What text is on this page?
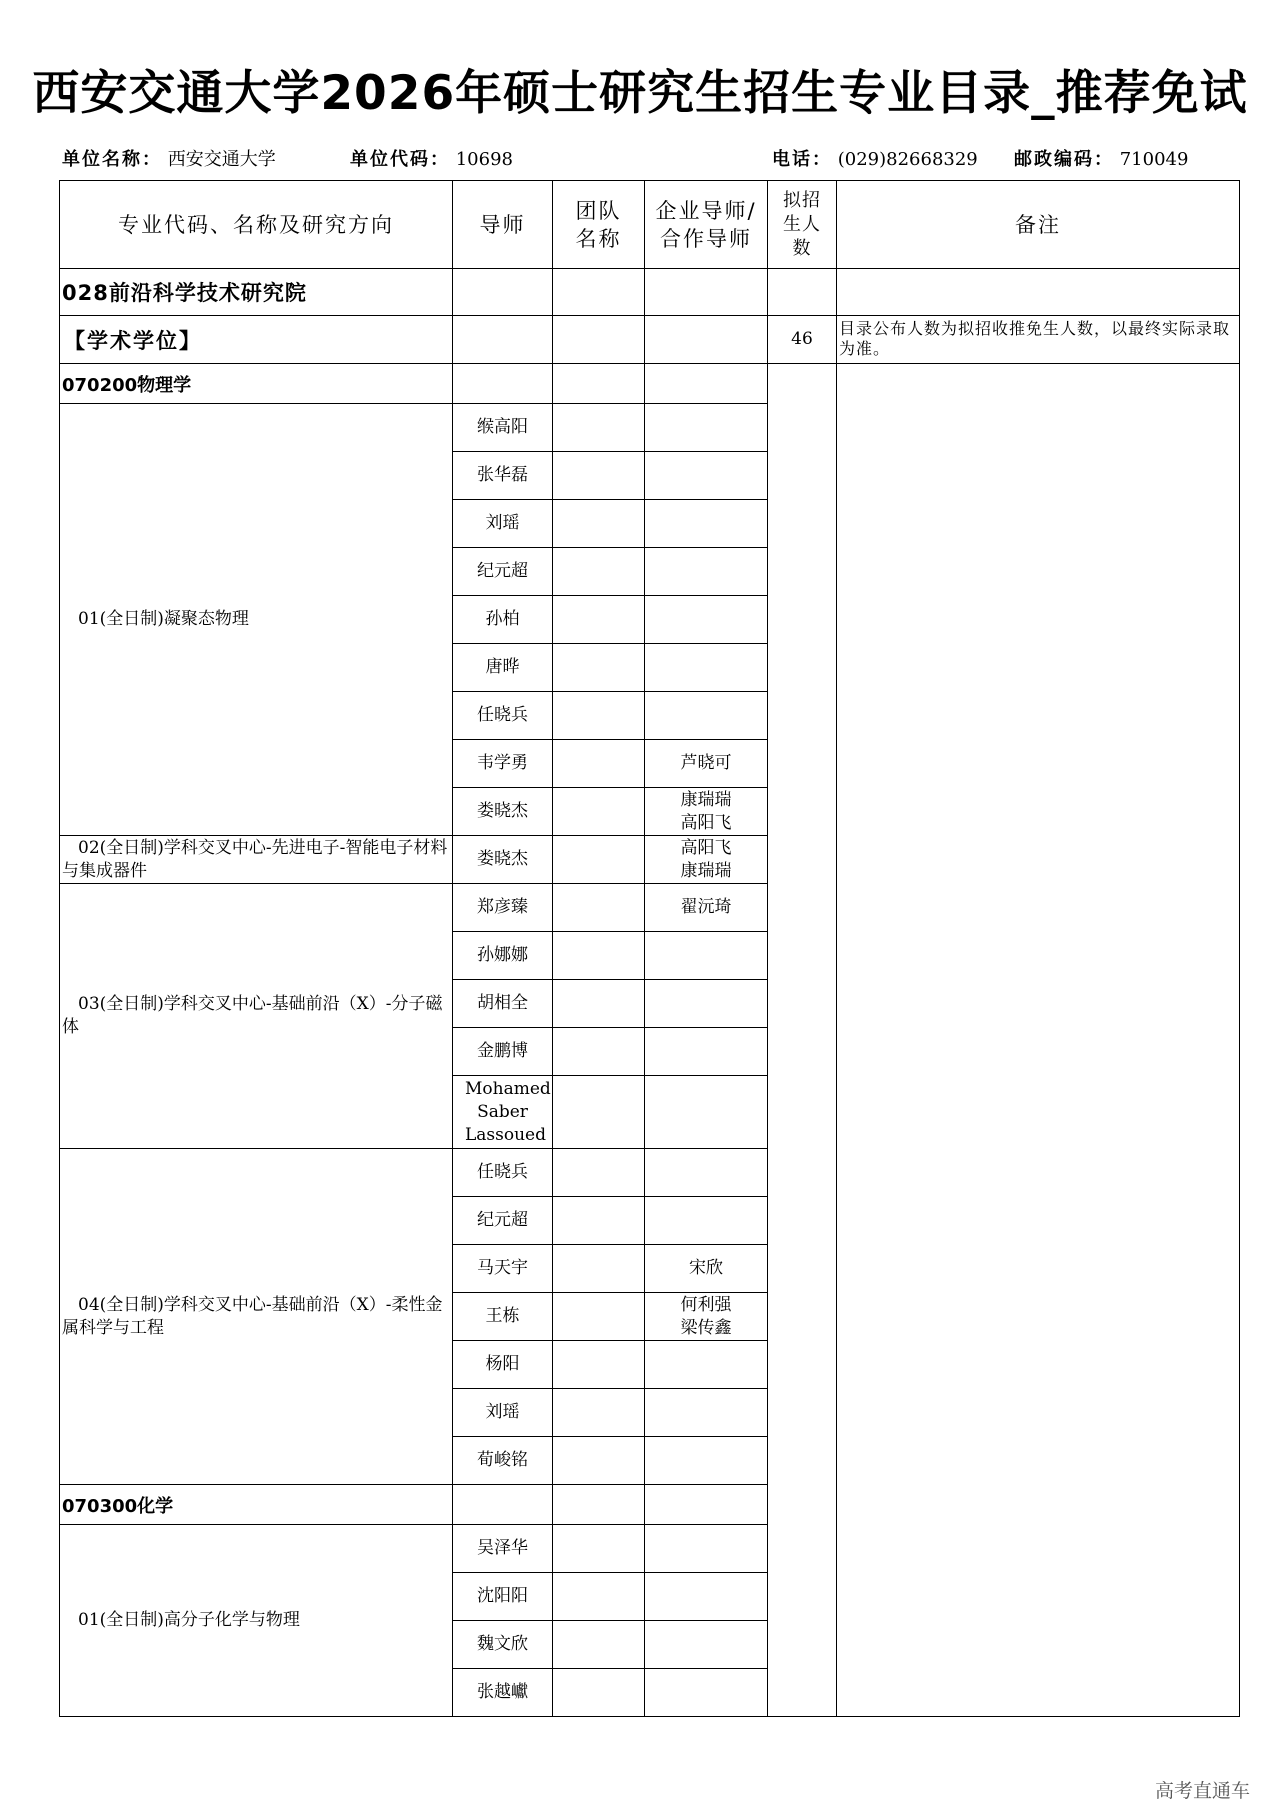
西安交通大学2026年硕士研究生招生专业目录_推荐免试
单位名称： 西安交通大学	单位代码： 10698	电话： (029)82668329 邮政编码： 710049
专业代码、名称及研究方向	导师	团队名称	企业导师/合作导师	拟招生人数	备注
028前沿科学技术研究院					
【学术学位】				46	目录公布人数为拟招收推免生人数，以最终实际录取为准。
070200物理学					

01(全日制)凝聚态物理	缑高阳				
	张华磊				
	刘瑶				
	纪元超				
	孙柏				
	唐晔				
	任晓兵				
	韦学勇		芦晓可		

	娄晓杰		康瑞瑞
高阳飞		

02(全日制)学科交叉中心-先进电子-智能电子材料与集成器件	娄晓杰		高阳飞
康瑞瑞		

03(全日制)学科交叉中心-基础前沿（X）-分子磁体	郑彦臻		翟沅琦		

	孙娜娜				
	胡相全				
	金鹏博				

	Mohamed Saber Lassoued				

04(全日制)学科交叉中心-基础前沿（X）-柔性金属科学与工程	任晓兵				
	纪元超				
	马天宇		宋欣		

	王栋		何利强
梁传鑫		

	杨阳				
	刘瑶				
	荀峻铭				
070300化学					

01(全日制)高分子化学与物理	吴泽华				
	沈阳阳				
	魏文欣				
	张越巘				
高考直通车
